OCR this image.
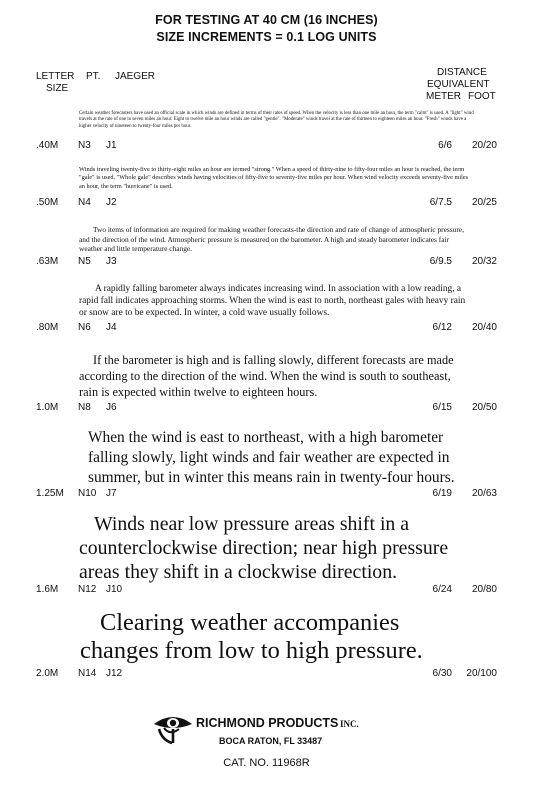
FOR TESTING AT 40 CM (16 INCHES)
SIZE INCREMENTS = 0.1 LOG UNITS
LETTER
SIZE
PT. JAEGER	DISTANCE
EQUIVALENT
METER FOOT
Certain weather forecasters have used an official scale in which winds are defined in terms of their rates of speed. When the velocity is less than one mile an hour, the term "calm" is used. A "light" wind travels at the rate of one to seven miles an hour. Eight to twelve mile an hour winds are called "gentle". "Moderate" winds travel at the rate of thirteen to eighteen miles an hour. "Fresh" winds have a higher velocity of nineteen to twenty-four miles per hour.
.40M N3 J1	6/6	20/20
Winds traveling twenty-five to thirty-eight miles an hour are termed "strong." When a speed of thirty-nine to fifty-four miles an hour is reached, the term "gale" is used. "Whole gale" describes winds having velocities of fifty-five to seventy-five miles per hour. When wind velocity exceeds seventy-five miles an hour, the term "hurricane" is used.
.50M N4 J2	6/7.5	20/25
Two items of information are required for making weather forecasts-the direction and rate of change of atmospheric pressure, and the direction of the wind. Atmospheric pressure is measured on the barometer. A high and steady barometer indicates fair weather and little temperature change.
.63M N5 J3	6/9.5	20/32
A rapidly falling barometer always indicates increasing wind. In association with a low reading, a rapid fall indicates approaching storms. When the wind is east to north, northeast gales with heavy rain or snow are to be expected. In winter, a cold wave usually follows.
.80M N6 J4	6/12	20/40
If the barometer is high and is falling slowly, different forecasts are made according to the direction of the wind. When the wind is south to southeast, rain is expected within twelve to eighteen hours.
1.0M N8 J6	6/15	20/50
When the wind is east to northeast, with a high barometer falling slowly, light winds and fair weather are expected in summer, but in winter this means rain in twenty-four hours.
1.25M N10 J7	6/19	20/63
Winds near low pressure areas shift in a counterclockwise direction; near high pressure areas they shift in a clockwise direction.
1.6M N12 J10	6/24	20/80
Clearing weather accompanies changes from low to high pressure.
2.0M N14 J12	6/30	20/100
RICHMOND PRODUCTS INC.
BOCA RATON, FL 33487
CAT. NO. 11968R
